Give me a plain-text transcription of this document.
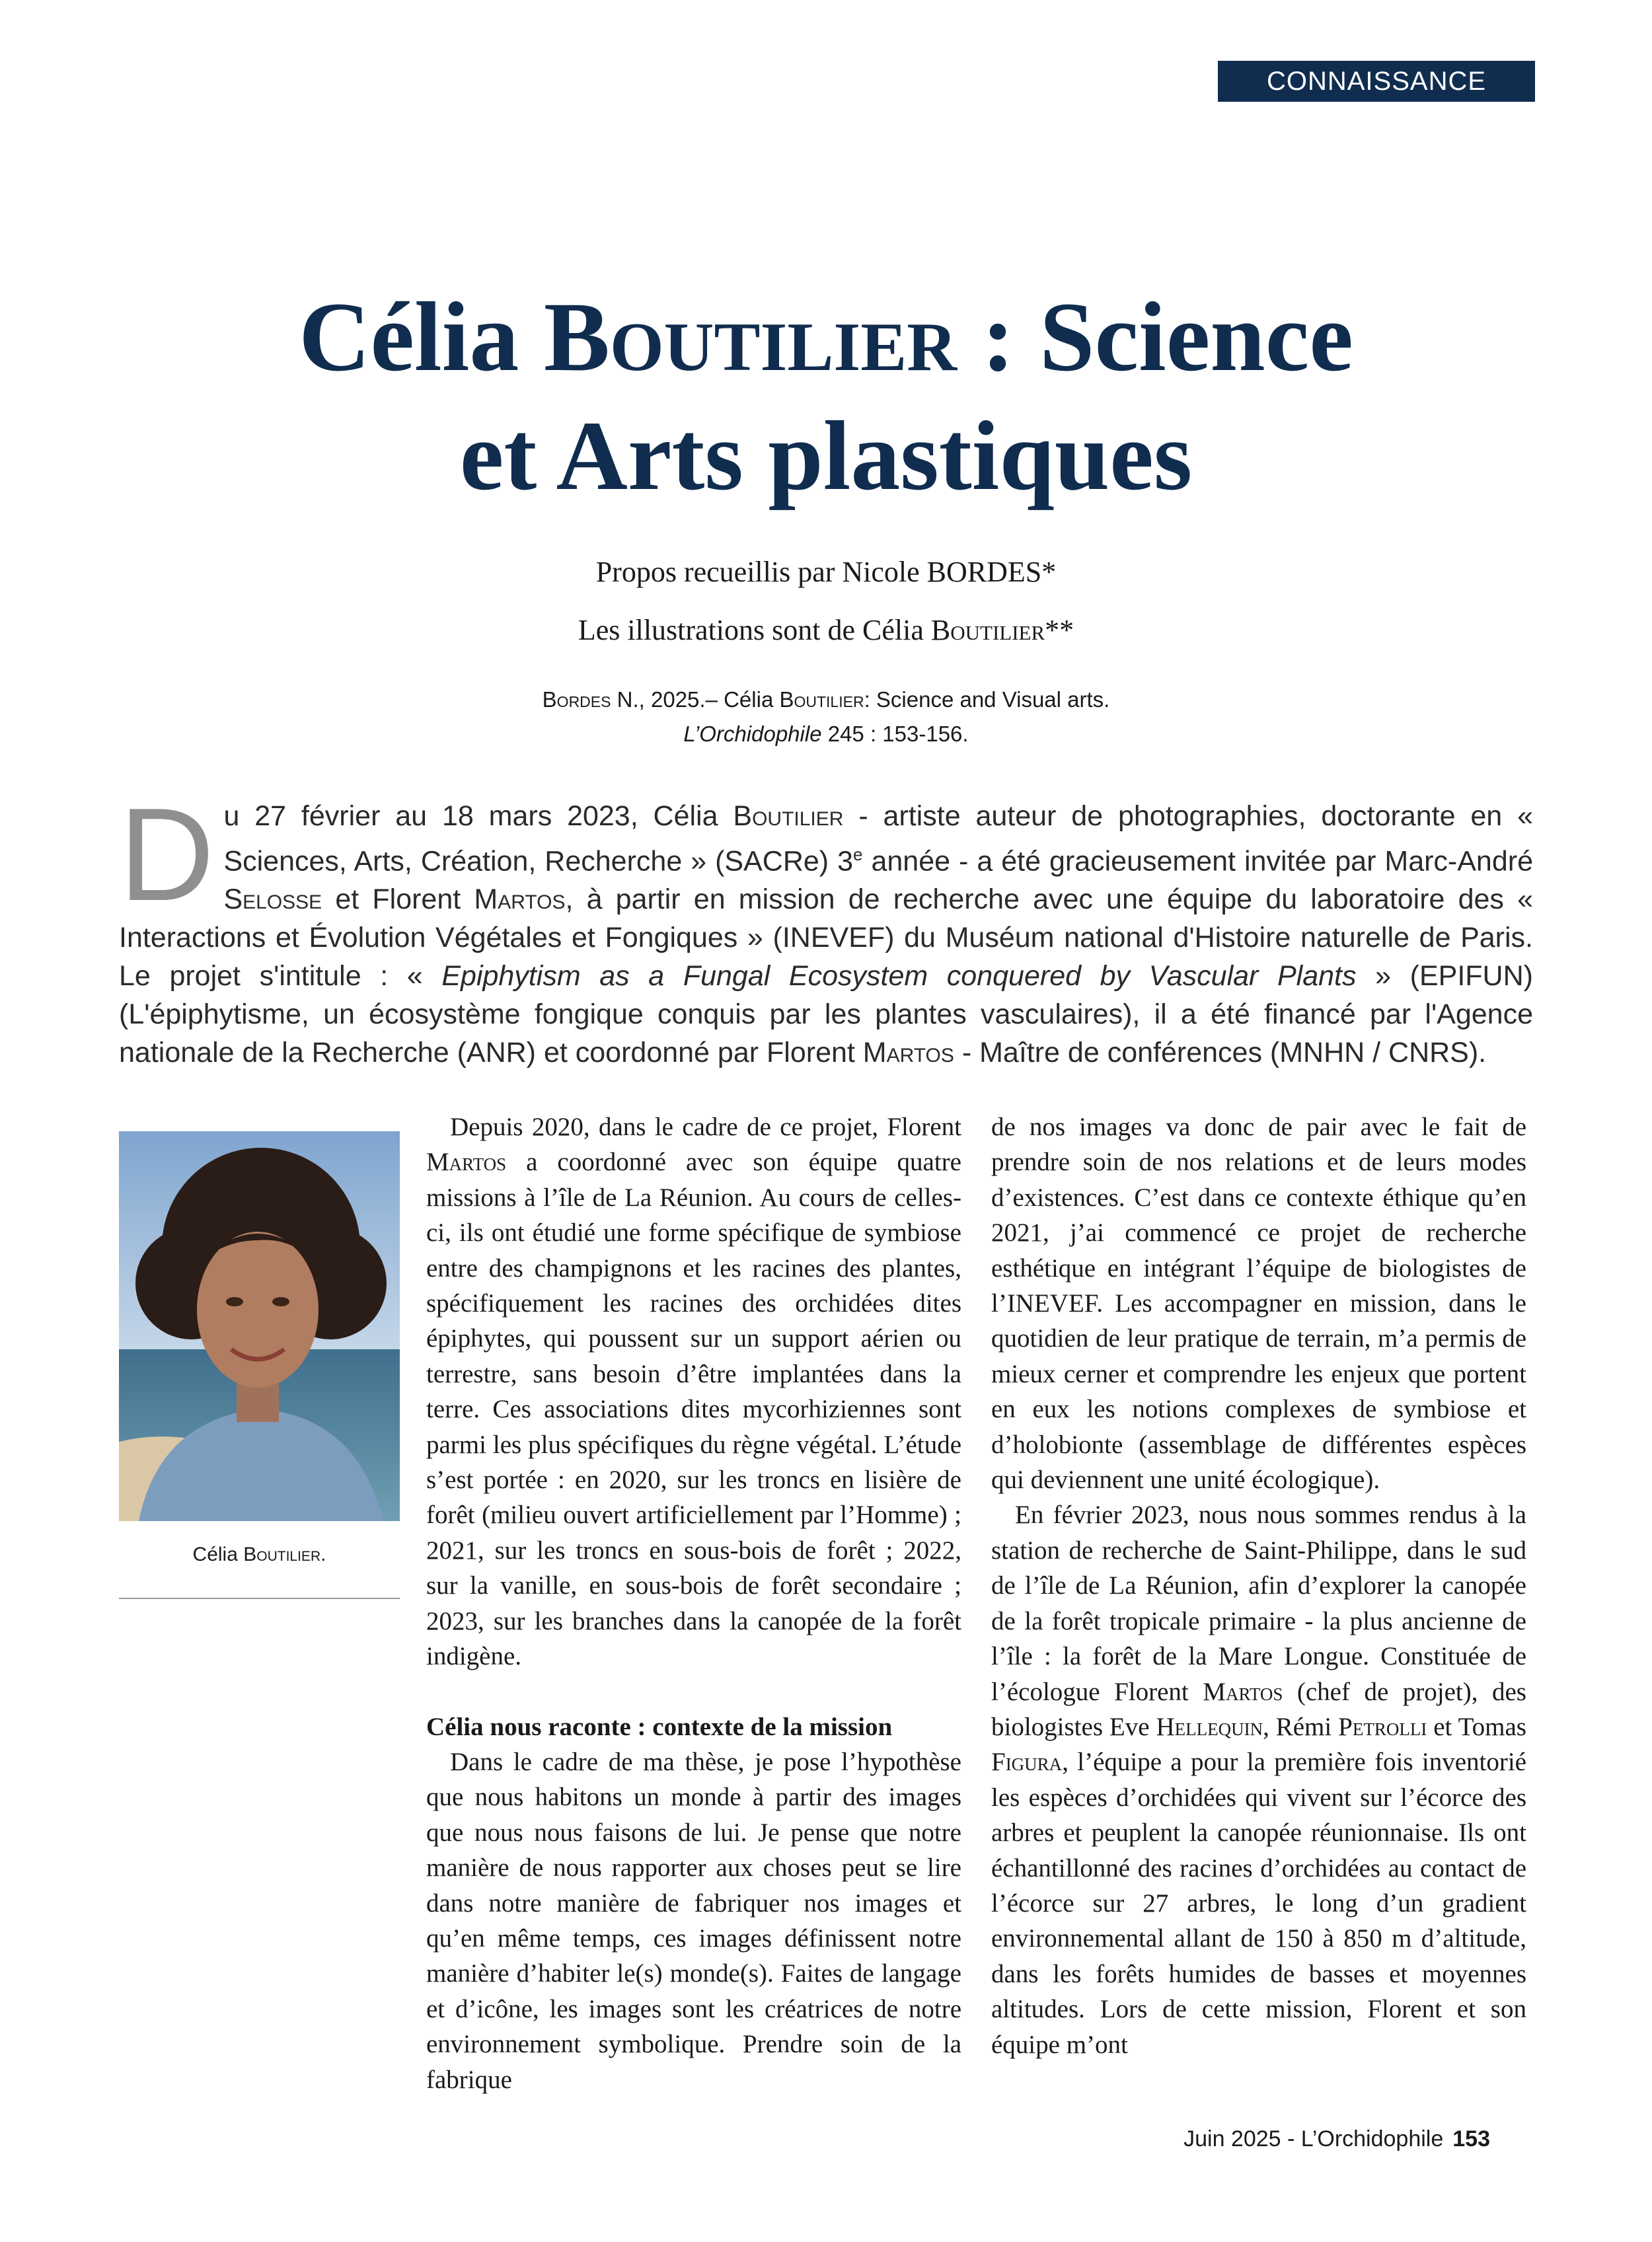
CONNAISSANCE
Célia Boutilier : Science
et Arts plastiques
Propos recueillis par Nicole BORDES*
Les illustrations sont de Célia Boutilier**
Bordes N., 2025.– Célia Boutilier: Science and Visual arts.
L’Orchidophile 245 : 153-156.

Du 27 février au 18 mars 2023, Célia Boutilier - artiste auteur de photographies, doctorante en « Sciences, Arts, Création, Recherche » (SACRe) 3e année - a été gracieusement invitée par Marc-André Selosse et Florent Martos, à partir en mission de recherche avec une équipe du laboratoire des « Interactions et Évolution Végétales et Fongiques » (INEVEF) du Muséum national d'Histoire naturelle de Paris. Le projet s'intitule : « Epiphytism as a Fungal Ecosystem conquered by Vascular Plants » (EPIFUN) (L'épiphytisme, un écosystème fongique conquis par les plantes vasculaires), il a été financé par l'Agence nationale de la Recherche (ANR) et coordonné par Florent Martos - Maître de conférences (MNHN / CNRS).

Célia Boutilier.

Depuis 2020, dans le cadre de ce projet, Florent Martos a coordonné avec son équipe quatre missions à l’île de La Réunion. Au cours de celles-ci, ils ont étudié une forme spécifique de symbiose entre des champignons et les racines des plantes, spécifiquement les racines des orchidées dites épiphytes, qui poussent sur un support aérien ou terrestre, sans besoin d’être implantées dans la terre. Ces associations dites mycorhiziennes sont parmi les plus spécifiques du règne végétal. L’étude s’est portée : en 2020, sur les troncs en lisière de forêt (milieu ouvert artificiellement par l’Homme) ; 2021, sur les troncs en sous-bois de forêt ; 2022, sur la vanille, en sous-bois de forêt secondaire ; 2023, sur les branches dans la canopée de la forêt indigène.

Célia nous raconte : contexte de la mission

Dans le cadre de ma thèse, je pose l’hypothèse que nous habitons un monde à partir des images que nous nous faisons de lui. Je pense que notre manière de nous rapporter aux choses peut se lire dans notre manière de fabriquer nos images et qu’en même temps, ces images définissent notre manière d’habiter le(s) monde(s). Faites de langage et d’icône, les images sont les créatrices de notre environnement symbolique. Prendre soin de la fabrique

de nos images va donc de pair avec le fait de prendre soin de nos relations et de leurs modes d’existences. C’est dans ce contexte éthique qu’en 2021, j’ai commencé ce projet de recherche esthétique en intégrant l’équipe de biologistes de l’INEVEF. Les accompagner en mission, dans le quotidien de leur pratique de terrain, m’a permis de mieux cerner et comprendre les enjeux que portent en eux les notions complexes de symbiose et d’holobionte (assemblage de différentes espèces qui deviennent une unité écologique).

En février 2023, nous nous sommes rendus à la station de recherche de Saint-Philippe, dans le sud de l’île de La Réunion, afin d’explorer la canopée de la forêt tropicale primaire - la plus ancienne de l’île : la forêt de la Mare Longue. Constituée de l’écologue Florent Martos (chef de projet), des biologistes Eve Hellequin, Rémi Petrolli et Tomas Figura, l’équipe a pour la première fois inventorié les espèces d’orchidées qui vivent sur l’écorce des arbres et peuplent la canopée réunionnaise. Ils ont échantillonné des racines d’orchidées au contact de l’écorce sur 27 arbres, le long d’un gradient environnemental allant de 150 à 850 m d’altitude, dans les forêts humides de basses et moyennes altitudes. Lors de cette mission, Florent et son équipe m’ont

Juin 2025 - L’Orchidophile 153
